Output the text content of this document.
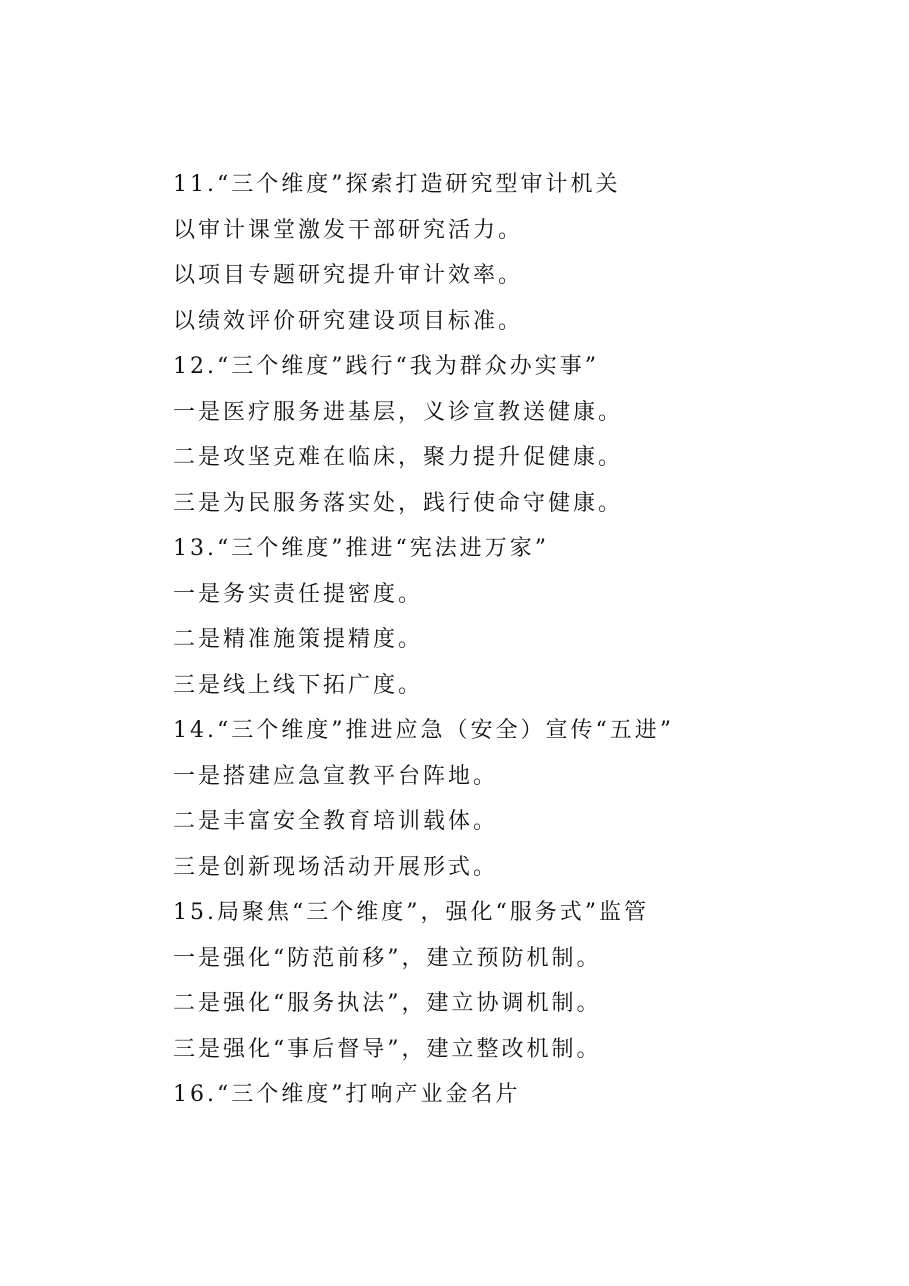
11.“三个维度”探索打造研究型审计机关
以审计课堂激发干部研究活力。
以项目专题研究提升审计效率。
以绩效评价研究建设项目标准。
12.“三个维度”践行“我为群众办实事”
一是医疗服务进基层，义诊宣教送健康。
二是攻坚克难在临床，聚力提升促健康。
三是为民服务落实处，践行使命守健康。
13.“三个维度”推进“宪法进万家”
一是务实责任提密度。
二是精准施策提精度。
三是线上线下拓广度。
14.“三个维度”推进应急（安全）宣传“五进”
一是搭建应急宣教平台阵地。
二是丰富安全教育培训载体。
三是创新现场活动开展形式。
15.局聚焦“三个维度”，强化“服务式”监管
一是强化“防范前移”，建立预防机制。
二是强化“服务执法”，建立协调机制。
三是强化“事后督导”，建立整改机制。
16.“三个维度”打响产业金名片
